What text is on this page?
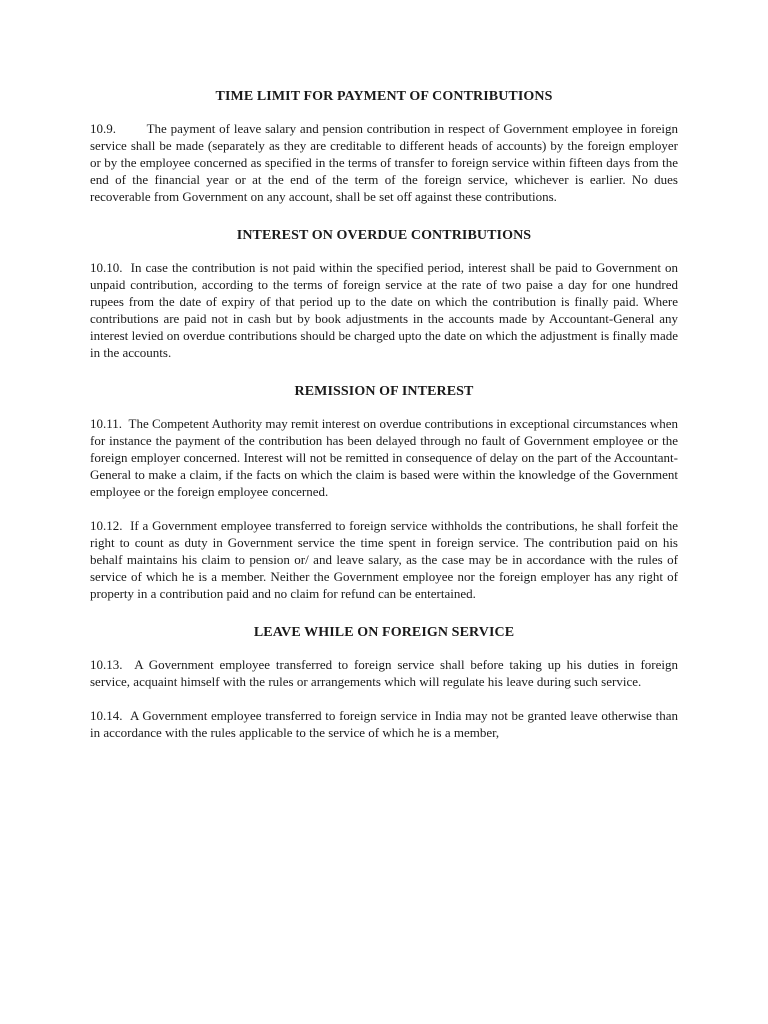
TIME LIMIT FOR PAYMENT OF CONTRIBUTIONS

10.9. The payment of leave salary and pension contribution in respect of Government employee in foreign service shall be made (separately as they are creditable to different heads of accounts) by the foreign employer or by the employee concerned as specified in the terms of transfer to foreign service within fifteen days from the end of the financial year or at the end of the term of the foreign service, whichever is earlier. No dues recoverable from Government on any account, shall be set off against these contributions.

INTEREST ON OVERDUE CONTRIBUTIONS

10.10. In case the contribution is not paid within the specified period, interest shall be paid to Government on unpaid contribution, according to the terms of foreign service at the rate of two paise a day for one hundred rupees from the date of expiry of that period up to the date on which the contribution is finally paid. Where contributions are paid not in cash but by book adjustments in the accounts made by Accountant-General any interest levied on overdue contributions should be charged upto the date on which the adjustment is finally made in the accounts.

REMISSION OF INTEREST

10.11. The Competent Authority may remit interest on overdue contributions in exceptional circumstances when for instance the payment of the contribution has been delayed through no fault of Government employee or the foreign employer concerned. Interest will not be remitted in consequence of delay on the part of the Accountant-General to make a claim, if the facts on which the claim is based were within the knowledge of the Government employee or the foreign employee concerned.

10.12. If a Government employee transferred to foreign service withholds the contributions, he shall forfeit the right to count as duty in Government service the time spent in foreign service. The contribution paid on his behalf maintains his claim to pension or/ and leave salary, as the case may be in accordance with the rules of service of which he is a member. Neither the Government employee nor the foreign employer has any right of property in a contribution paid and no claim for refund can be entertained.

LEAVE WHILE ON FOREIGN SERVICE

10.13. A Government employee transferred to foreign service shall before taking up his duties in foreign service, acquaint himself with the rules or arrangements which will regulate his leave during such service.

10.14. A Government employee transferred to foreign service in India may not be granted leave otherwise than in accordance with the rules applicable to the service of which he is a member,
